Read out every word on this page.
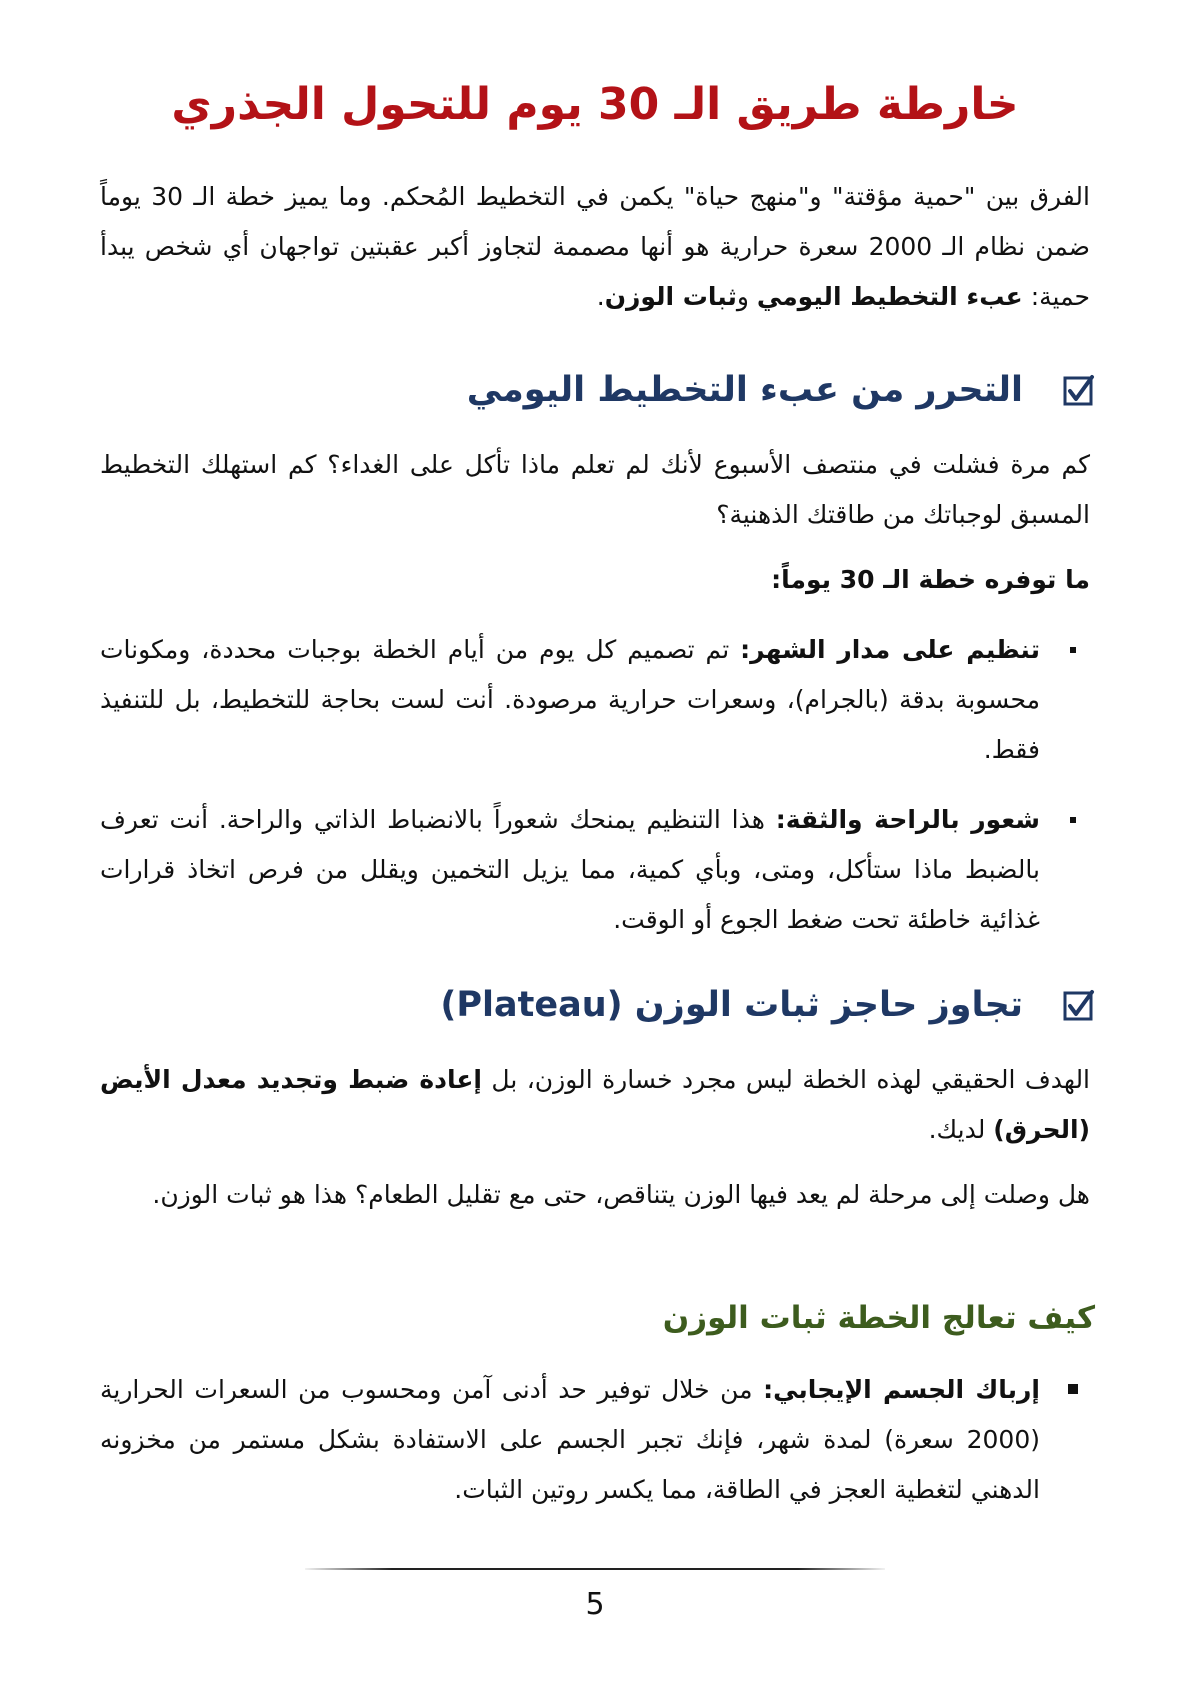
خارطة طريق الـ 30 يوم للتحول الجذري

الفرق بين "حمية مؤقتة" و"منهج حياة" يكمن في التخطيط المُحكم. وما يميز خطة الـ 30 يوماً ضمن نظام الـ 2000 سعرة حرارية هو أنها مصممة لتجاوز أكبر عقبتين تواجهان أي شخص يبدأ حمية: عبء التخطيط اليومي وثبات الوزن.

التحرر من عبء التخطيط اليومي

كم مرة فشلت في منتصف الأسبوع لأنك لم تعلم ماذا تأكل على الغداء؟ كم استهلك التخطيط المسبق لوجباتك من طاقتك الذهنية؟

ما توفره خطة الـ 30 يوماً:

تنظيم على مدار الشهر: تم تصميم كل يوم من أيام الخطة بوجبات محددة، ومكونات محسوبة بدقة (بالجرام)، وسعرات حرارية مرصودة. أنت لست بحاجة للتخطيط، بل للتنفيذ فقط.
شعور بالراحة والثقة: هذا التنظيم يمنحك شعوراً بالانضباط الذاتي والراحة. أنت تعرف بالضبط ماذا ستأكل، ومتى، وبأي كمية، مما يزيل التخمين ويقلل من فرص اتخاذ قرارات غذائية خاطئة تحت ضغط الجوع أو الوقت.
تجاوز حاجز ثبات الوزن (Plateau)

الهدف الحقيقي لهذه الخطة ليس مجرد خسارة الوزن، بل إعادة ضبط وتجديد معدل الأيض (الحرق) لديك.

هل وصلت إلى مرحلة لم يعد فيها الوزن يتناقص، حتى مع تقليل الطعام؟ هذا هو ثبات الوزن.

كيف تعالج الخطة ثبات الوزن
إرباك الجسم الإيجابي: من خلال توفير حد أدنى آمن ومحسوب من السعرات الحرارية (2000 سعرة) لمدة شهر، فإنك تجبر الجسم على الاستفادة بشكل مستمر من مخزونه الدهني لتغطية العجز في الطاقة، مما يكسر روتين الثبات.
5
